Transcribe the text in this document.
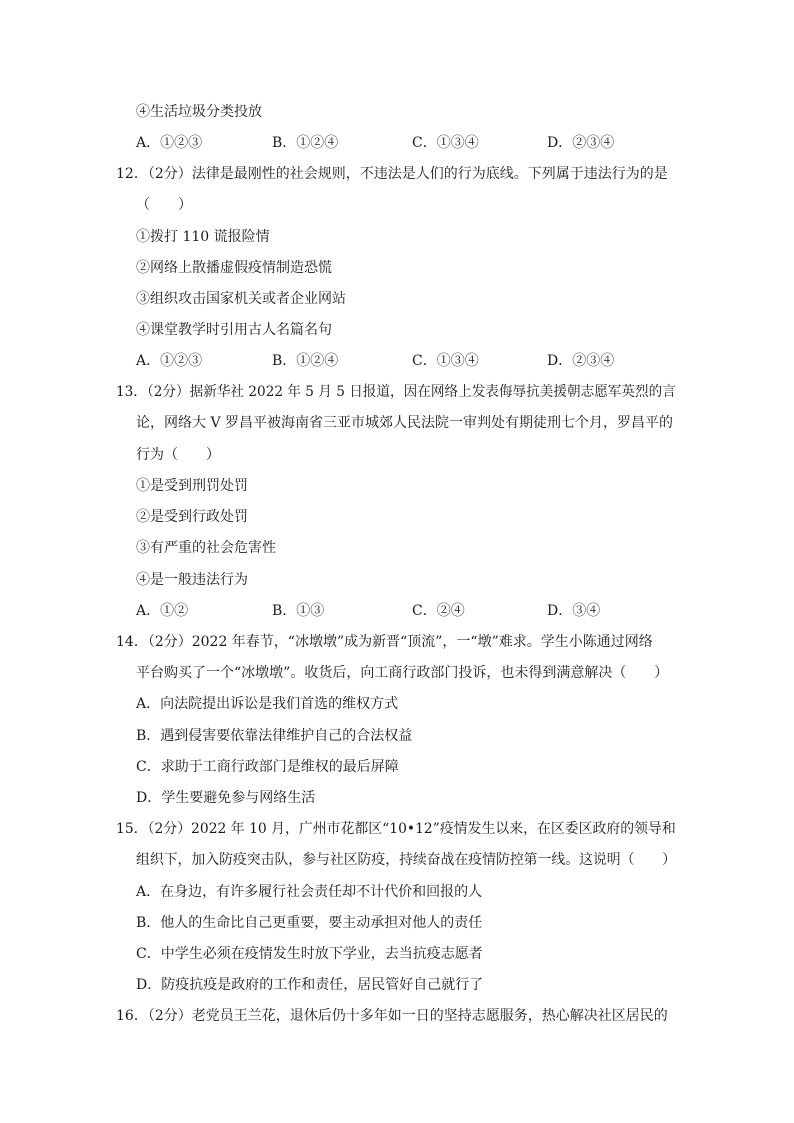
④生活垃圾分类投放
A．①②③	B．①②④	C．①③④	D．②③④
12．（2分）法律是最刚性的社会规则，不违法是人们的行为底线。下列属于违法行为的是
（　　）
①拨打 110 谎报险情
②网络上散播虚假疫情制造恐慌
③组织攻击国家机关或者企业网站
④课堂教学时引用古人名篇名句
A．①②③	B．①②④	C．①③④	D．②③④
13．（2分）据新华社 2022 年 5 月 5 日报道，因在网络上发表侮辱抗美援朝志愿军英烈的言
论，网络大 V 罗昌平被海南省三亚市城郊人民法院一审判处有期徒刑七个月，罗昌平的
行为（　　）
①是受到刑罚处罚
②是受到行政处罚
③有严重的社会危害性
④是一般违法行为
A．①②	B．①③	C．②④	D．③④
14．（2分）2022 年春节，“冰墩墩”成为新晋“顶流”，一“墩”难求。学生小陈通过网络
平台购买了一个“冰墩墩”。收货后，向工商行政部门投诉，也未得到满意解决（　　）
A．向法院提出诉讼是我们首选的维权方式
B．遇到侵害要依靠法律维护自己的合法权益
C．求助于工商行政部门是维权的最后屏障
D．学生要避免参与网络生活
15．（2分）2022 年 10 月，广州市花都区“10•12”疫情发生以来，在区委区政府的领导和
组织下，加入防疫突击队，参与社区防疫，持续奋战在疫情防控第一线。这说明（　　）
A．在身边，有许多履行社会责任却不计代价和回报的人
B．他人的生命比自己更重要，要主动承担对他人的责任
C．中学生必须在疫情发生时放下学业，去当抗疫志愿者
D．防疫抗疫是政府的工作和责任，居民管好自己就行了
16．（2分）老党员王兰花，退休后仍十多年如一日的坚持志愿服务，热心解决社区居民的
